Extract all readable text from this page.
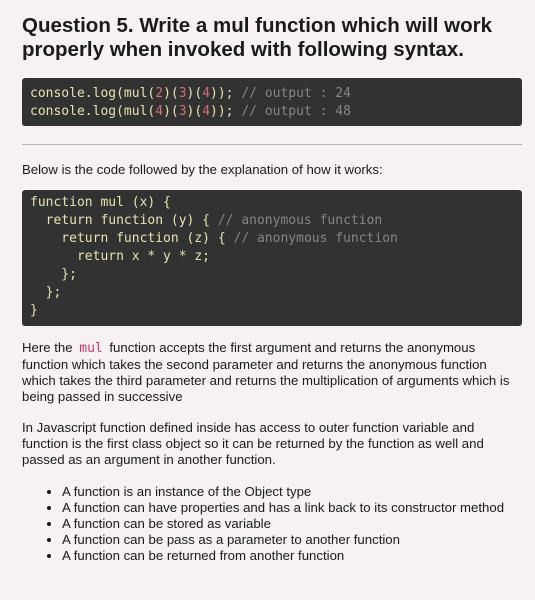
Question 5. Write a mul function which will work properly when invoked with following syntax.
console.log(mul(2)(3)(4)); // output : 24
console.log(mul(4)(3)(4)); // output : 48

Below is the code followed by the explanation of how it works:

function mul (x) {
return function (y) { // anonymous function
return function (z) { // anonymous function
return x * y * z;
};
};
}

Here the mul function accepts the first argument and returns the anonymous function which takes the second parameter and returns the anonymous function which takes the third parameter and returns the multiplication of arguments which is being passed in successive

In Javascript function defined inside has access to outer function variable and function is the first class object so it can be returned by the function as well and passed as an argument in another function.

• A function is an instance of the Object type
• A function can have properties and has a link back to its constructor method
• A function can be stored as variable
• A function can be pass as a parameter to another function
• A function can be returned from another function
